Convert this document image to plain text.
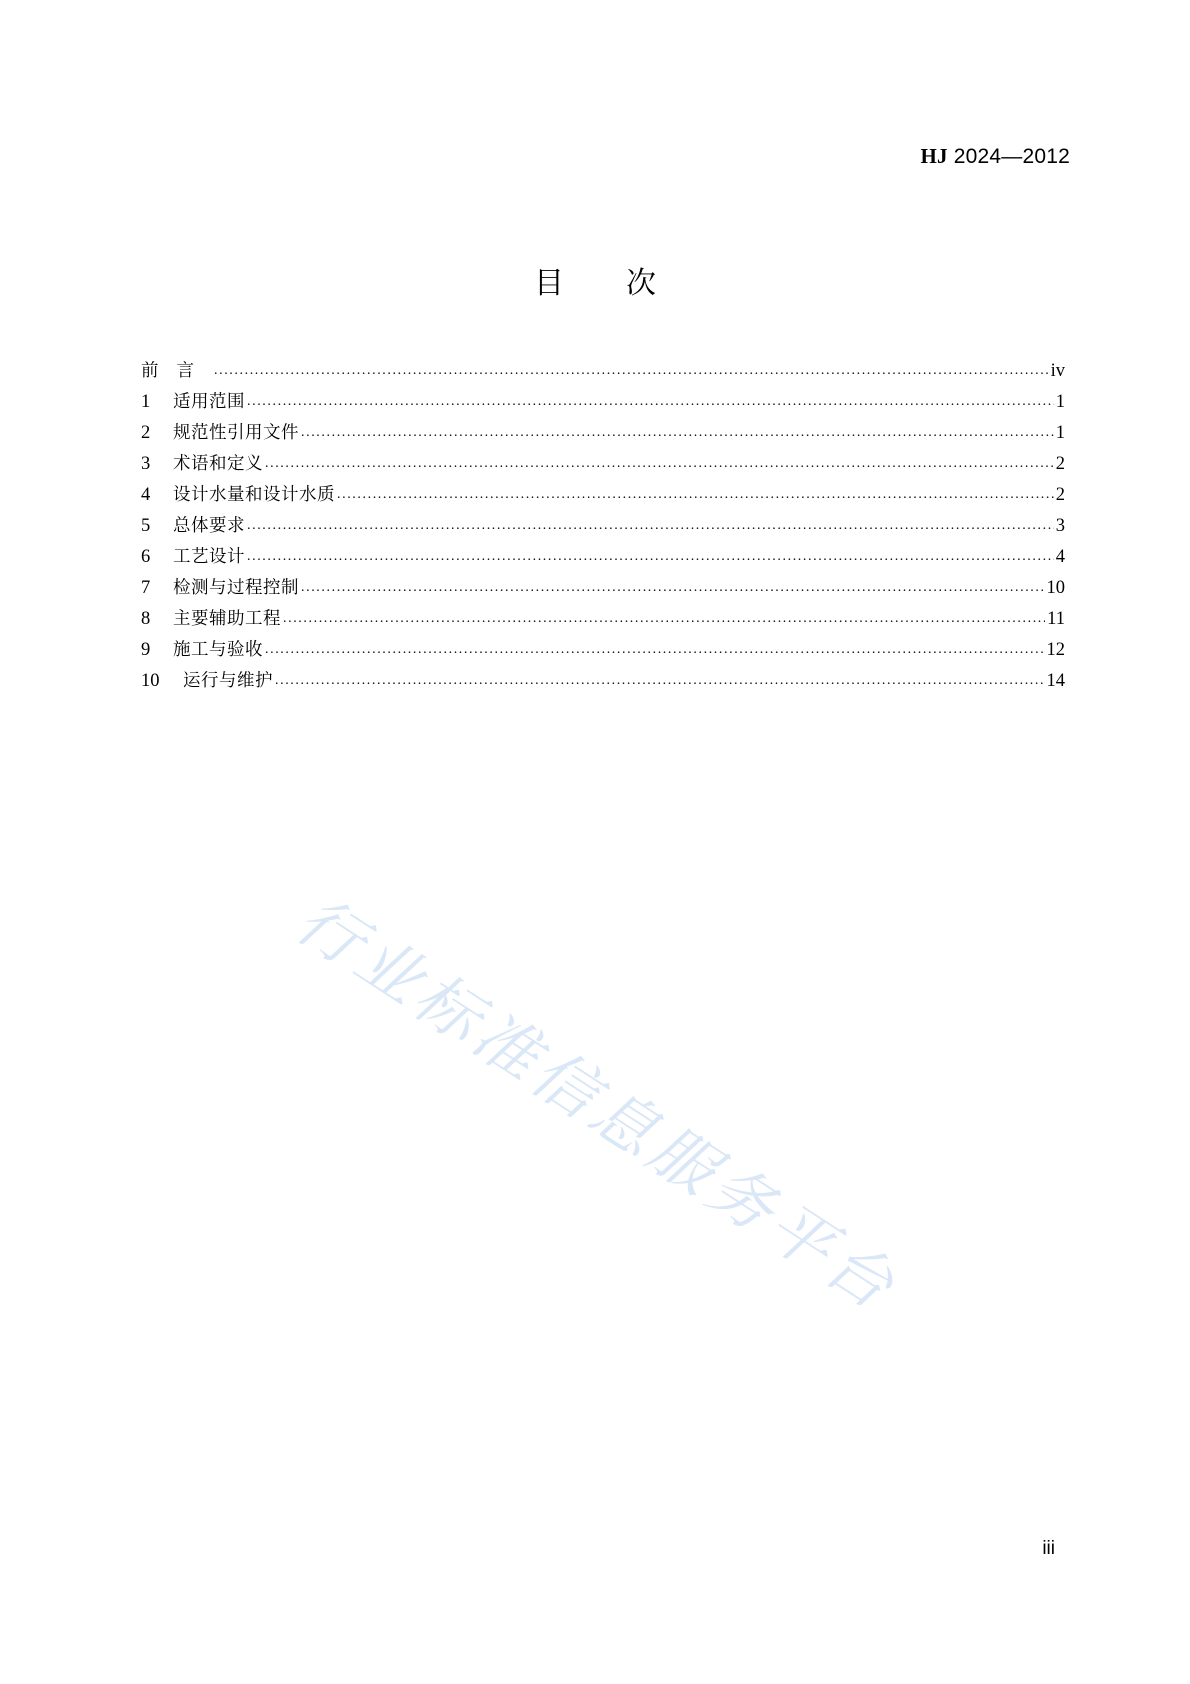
HJ 2024—2012
目 次
前言 .....	iv
1	适用范围 .....	1
2	规范性引用文件 .....	1
3	术语和定义 .....	2
4	设计水量和设计水质 .....	2
5	总体要求 .....	3
6	工艺设计 .....	4
7	检测与过程控制 .....	10
8	主要辅助工程 .....	11
9	施工与验收 .....	12
10	运行与维护 .....	14
行业标准信息服务平台
iii
